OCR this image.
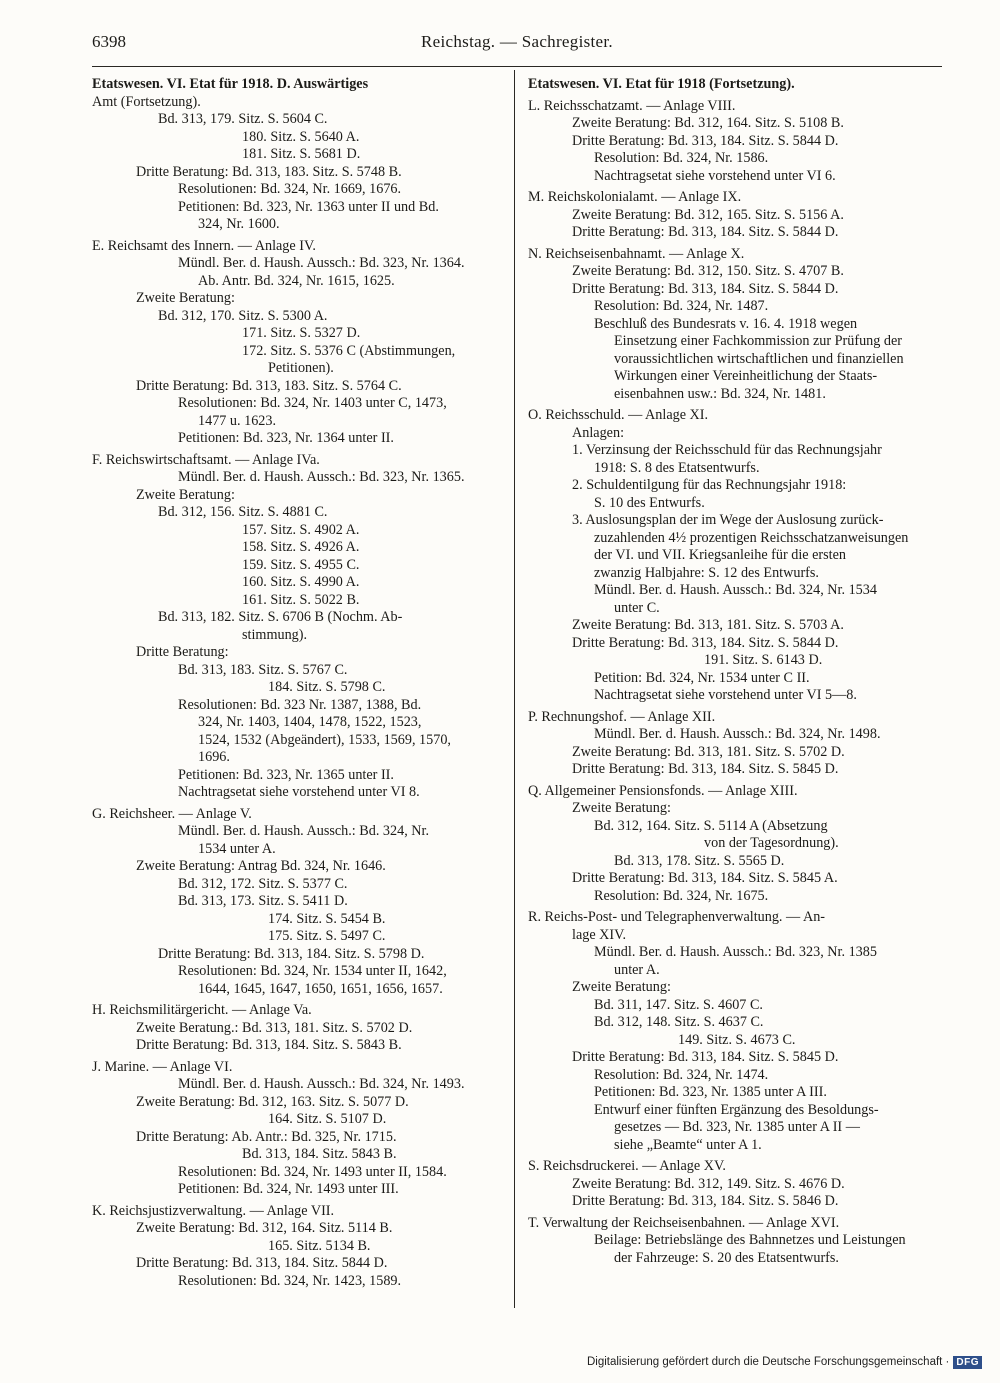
6398	Reichstag. — Sachregister.
Etatswesen. VI. Etat für 1918. D. Auswärtiges
Amt (Fortsetzung).
Bd. 313, 179. Sitz. S. 5604 C.
180. Sitz. S. 5640 A.
181. Sitz. S. 5681 D.
Dritte Beratung: Bd. 313, 183. Sitz. S. 5748 B.
Resolutionen: Bd. 324, Nr. 1669, 1676.
Petitionen: Bd. 323, Nr. 1363 unter II und Bd.
324, Nr. 1600.
E. Reichsamt des Innern. — Anlage IV.
Mündl. Ber. d. Haush. Aussch.: Bd. 323, Nr. 1364.
Ab. Antr. Bd. 324, Nr. 1615, 1625.
Zweite Beratung:
Bd. 312, 170. Sitz. S. 5300 A.
171. Sitz. S. 5327 D.
172. Sitz. S. 5376 C (Abstimmungen,
Petitionen).
Dritte Beratung: Bd. 313, 183. Sitz. S. 5764 C.
Resolutionen: Bd. 324, Nr. 1403 unter C, 1473,
1477 u. 1623.
Petitionen: Bd. 323, Nr. 1364 unter II.
F. Reichswirtschaftsamt. — Anlage IVa.
Mündl. Ber. d. Haush. Aussch.: Bd. 323, Nr. 1365.
Zweite Beratung:
Bd. 312, 156. Sitz. S. 4881 C.
157. Sitz. S. 4902 A.
158. Sitz. S. 4926 A.
159. Sitz. S. 4955 C.
160. Sitz. S. 4990 A.
161. Sitz. S. 5022 B.
Bd. 313, 182. Sitz. S. 6706 B (Nochm. Ab-
stimmung).
Dritte Beratung:
Bd. 313, 183. Sitz. S. 5767 C.
184. Sitz. S. 5798 C.
Resolutionen: Bd. 323 Nr. 1387, 1388, Bd.
324, Nr. 1403, 1404, 1478, 1522, 1523,
1524, 1532 (Abgeändert), 1533, 1569, 1570,
1696.
Petitionen: Bd. 323, Nr. 1365 unter II.
Nachtragsetat siehe vorstehend unter VI 8.
G. Reichsheer. — Anlage V.
Mündl. Ber. d. Haush. Aussch.: Bd. 324, Nr.
1534 unter A.
Zweite Beratung: Antrag Bd. 324, Nr. 1646.
Bd. 312, 172. Sitz. S. 5377 C.
Bd. 313, 173. Sitz. S. 5411 D.
174. Sitz. S. 5454 B.
175. Sitz. S. 5497 C.
Dritte Beratung: Bd. 313, 184. Sitz. S. 5798 D.
Resolutionen: Bd. 324, Nr. 1534 unter II, 1642,
1644, 1645, 1647, 1650, 1651, 1656, 1657.
H. Reichsmilitärgericht. — Anlage Va.
Zweite Beratung.: Bd. 313, 181. Sitz. S. 5702 D.
Dritte Beratung: Bd. 313, 184. Sitz. S. 5843 B.
J. Marine. — Anlage VI.
Mündl. Ber. d. Haush. Aussch.: Bd. 324, Nr. 1493.
Zweite Beratung: Bd. 312, 163. Sitz. S. 5077 D.
164. Sitz. S. 5107 D.
Dritte Beratung: Ab. Antr.: Bd. 325, Nr. 1715.
Bd. 313, 184. Sitz. 5843 B.
Resolutionen: Bd. 324, Nr. 1493 unter II, 1584.
Petitionen: Bd. 324, Nr. 1493 unter III.
K. Reichsjustizverwaltung. — Anlage VII.
Zweite Beratung: Bd. 312, 164. Sitz. 5114 B.
165. Sitz. 5134 B.
Dritte Beratung: Bd. 313, 184. Sitz. 5844 D.
Resolutionen: Bd. 324, Nr. 1423, 1589.
Etatswesen. VI. Etat für 1918 (Fortsetzung).
L. Reichsschatzamt. — Anlage VIII.
Zweite Beratung: Bd. 312, 164. Sitz. S. 5108 B.
Dritte Beratung: Bd. 313, 184. Sitz. S. 5844 D.
Resolution: Bd. 324, Nr. 1586.
Nachtragsetat siehe vorstehend unter VI 6.
M. Reichskolonialamt. — Anlage IX.
Zweite Beratung: Bd. 312, 165. Sitz. S. 5156 A.
Dritte Beratung: Bd. 313, 184. Sitz. S. 5844 D.
N. Reichseisenbahnamt. — Anlage X.
Zweite Beratung: Bd. 312, 150. Sitz. S. 4707 B.
Dritte Beratung: Bd. 313, 184. Sitz. S. 5844 D.
Resolution: Bd. 324, Nr. 1487.
Beschluß des Bundesrats v. 16. 4. 1918 wegen
Einsetzung einer Fachkommission zur Prüfung der
voraussichtlichen wirtschaftlichen und finanziellen
Wirkungen einer Vereinheitlichung der Staats-
eisenbahnen usw.: Bd. 324, Nr. 1481.
O. Reichsschuld. — Anlage XI.
Anlagen:
1. Verzinsung der Reichsschuld für das Rechnungsjahr
1918: S. 8 des Etatsentwurfs.
2. Schuldentilgung für das Rechnungsjahr 1918:
S. 10 des Entwurfs.
3. Auslosungsplan der im Wege der Auslosung zurück-
zuzahlenden 4½ prozentigen Reichsschatzanweisungen
der VI. und VII. Kriegsanleihe für die ersten
zwanzig Halbjahre: S. 12 des Entwurfs.
Mündl. Ber. d. Haush. Aussch.: Bd. 324, Nr. 1534
unter C.
Zweite Beratung: Bd. 313, 181. Sitz. S. 5703 A.
Dritte Beratung: Bd. 313, 184. Sitz. S. 5844 D.
191. Sitz. S. 6143 D.
Petition: Bd. 324, Nr. 1534 unter C II.
Nachtragsetat siehe vorstehend unter VI 5—8.
P. Rechnungshof. — Anlage XII.
Mündl. Ber. d. Haush. Aussch.: Bd. 324, Nr. 1498.
Zweite Beratung: Bd. 313, 181. Sitz. S. 5702 D.
Dritte Beratung: Bd. 313, 184. Sitz. S. 5845 D.
Q. Allgemeiner Pensionsfonds. — Anlage XIII.
Zweite Beratung:
Bd. 312, 164. Sitz. S. 5114 A (Absetzung
von der Tagesordnung).
Bd. 313, 178. Sitz. S. 5565 D.
Dritte Beratung: Bd. 313, 184. Sitz. S. 5845 A.
Resolution: Bd. 324, Nr. 1675.
R. Reichs-Post- und Telegraphenverwaltung. — An-
lage XIV.
Mündl. Ber. d. Haush. Aussch.: Bd. 323, Nr. 1385
unter A.
Zweite Beratung:
Bd. 311, 147. Sitz. S. 4607 C.
Bd. 312, 148. Sitz. S. 4637 C.
149. Sitz. S. 4673 C.
Dritte Beratung: Bd. 313, 184. Sitz. S. 5845 D.
Resolution: Bd. 324, Nr. 1474.
Petitionen: Bd. 323, Nr. 1385 unter A III.
Entwurf einer fünften Ergänzung des Besoldungs-
gesetzes — Bd. 323, Nr. 1385 unter A II —
siehe „Beamte“ unter A 1.
S. Reichsdruckerei. — Anlage XV.
Zweite Beratung: Bd. 312, 149. Sitz. S. 4676 D.
Dritte Beratung: Bd. 313, 184. Sitz. S. 5846 D.
T. Verwaltung der Reichseisenbahnen. — Anlage XVI.
Beilage: Betriebslänge des Bahnnetzes und Leistungen
der Fahrzeuge: S. 20 des Etatsentwurfs.
Digitalisierung gefördert durch die Deutsche Forschungsgemeinschaft · DFG
